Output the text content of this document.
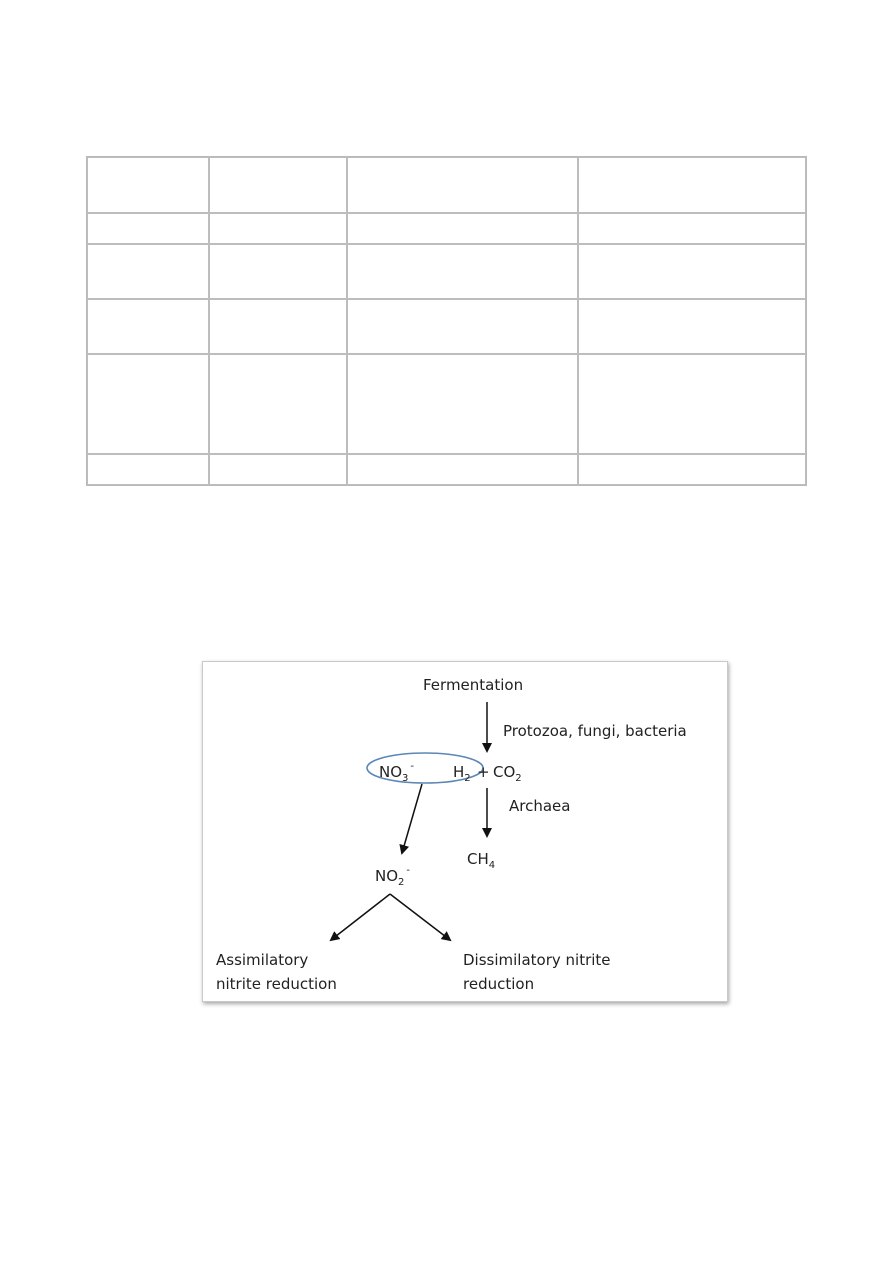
Fermentation
Protozoa, fungi, bacteria
$NO_3^-$	$H_2 + CO_2$
Archaea
$CH_4$
$NO_2^-$
Assimilatory
nitrite reduction
Dissimilatory nitrite
reduction
